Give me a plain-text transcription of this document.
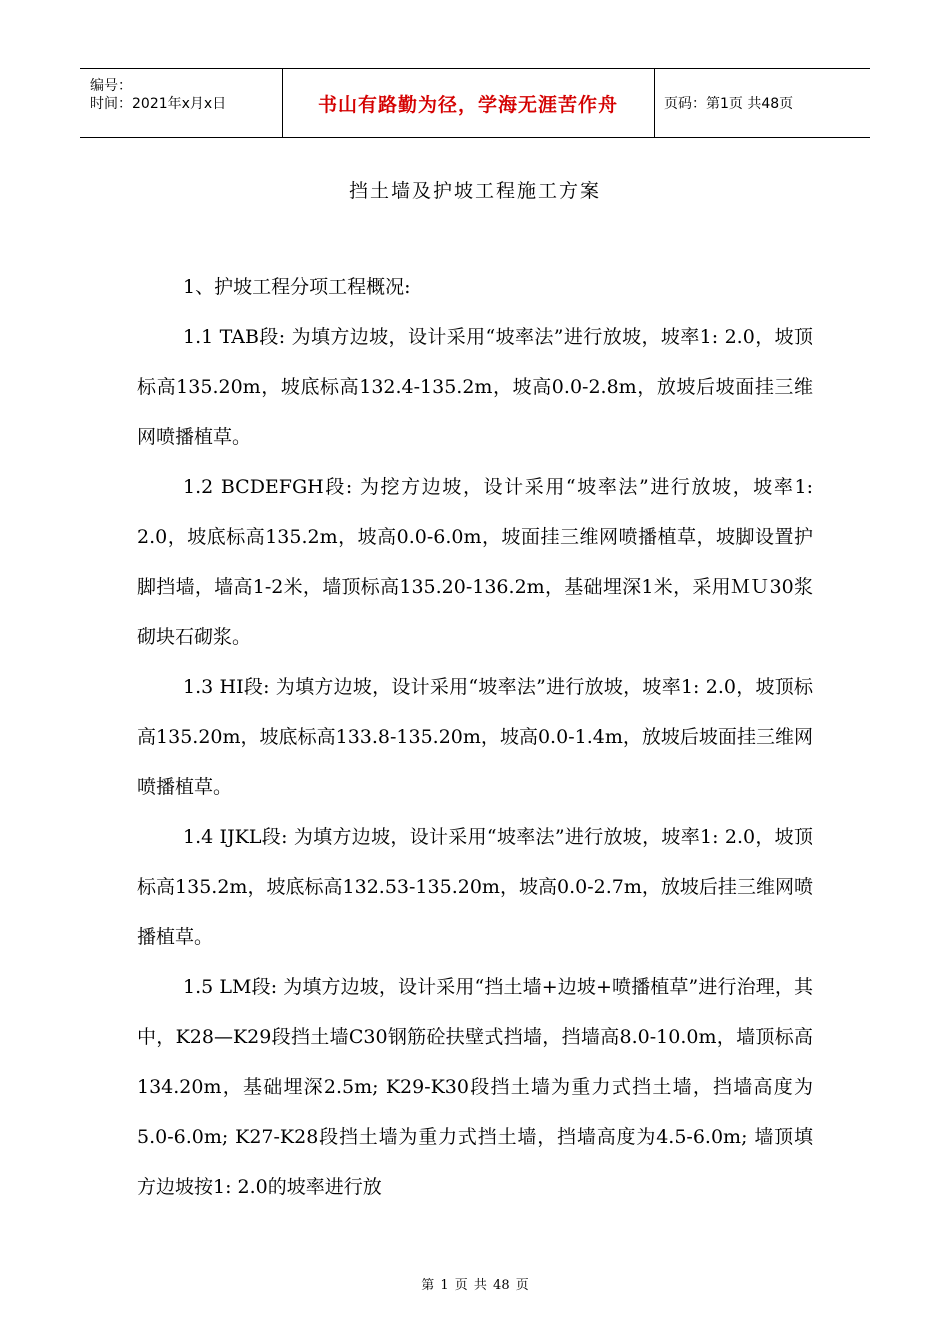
编号：
时间：2021年x月x日	书山有路勤为径，学海无涯苦作舟	页码：第1页 共48页
挡土墙及护坡工程施工方案

1、护坡工程分项工程概况:

1.1 TAB段: 为填方边坡，设计采用“坡率法”进行放坡，坡率1: 2.0，坡顶标高135.20m，坡底标高132.4-135.2m，坡高0.0-2.8m，放坡后坡面挂三维网喷播植草。

1.2 BCDEFGH段: 为挖方边坡，设计采用“坡率法”进行放坡，坡率1: 2.0，坡底标高135.2m，坡高0.0-6.0m，坡面挂三维网喷播植草，坡脚设置护脚挡墙，墙高1-2米，墙顶标高135.20-136.2m，基础埋深1米，采用ＭＵ30浆砌块石砌浆。

1.3 HI段: 为填方边坡，设计采用“坡率法”进行放坡，坡率1: 2.0，坡顶标高135.20m，坡底标高133.8-135.20m，坡高0.0-1.4m，放坡后坡面挂三维网喷播植草。

1.4 IJKL段: 为填方边坡，设计采用“坡率法”进行放坡，坡率1: 2.0，坡顶标高135.2m，坡底标高132.53-135.20m，坡高0.0-2.7m，放坡后挂三维网喷播植草。

1.5 LM段: 为填方边坡，设计采用“挡土墙+边坡+喷播植草”进行治理，其中，K28—K29段挡土墙C30钢筋砼扶壁式挡墙，挡墙高8.0-10.0m，墙顶标高134.20m，基础埋深2.5m; K29-K30段挡土墙为重力式挡土墙，挡墙高度为5.0-6.0m; K27-K28段挡土墙为重力式挡土墙，挡墙高度为4.5-6.0m; 墙顶填方边坡按1: 2.0的坡率进行放

第 1 页 共 48 页
